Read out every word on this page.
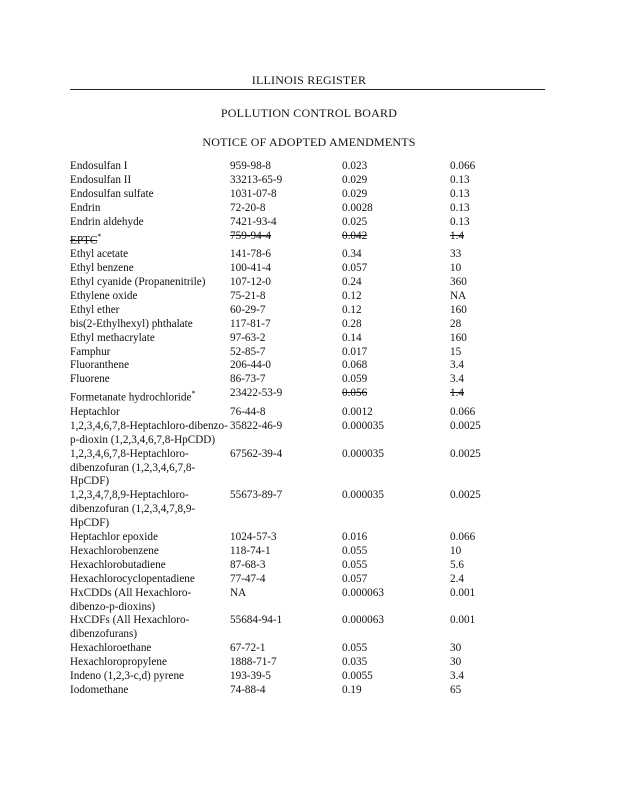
ILLINOIS REGISTER
POLLUTION CONTROL BOARD
NOTICE OF ADOPTED AMENDMENTS
Endosulfan I	959-98-8	0.023	0.066
Endosulfan II	33213-65-9	0.029	0.13
Endosulfan sulfate	1031-07-8	0.029	0.13
Endrin	72-20-8	0.0028	0.13
Endrin aldehyde	7421-93-4	0.025	0.13
EPTC*	759-94-4	0.042	1.4
Ethyl acetate	141-78-6	0.34	33
Ethyl benzene	100-41-4	0.057	10
Ethyl cyanide (Propanenitrile)	107-12-0	0.24	360
Ethylene oxide	75-21-8	0.12	NA
Ethyl ether	60-29-7	0.12	160
bis(2-Ethylhexyl) phthalate	117-81-7	0.28	28
Ethyl methacrylate	97-63-2	0.14	160
Famphur	52-85-7	0.017	15
Fluoranthene	206-44-0	0.068	3.4
Fluorene	86-73-7	0.059	3.4
Formetanate hydrochloride*	23422-53-9	0.056	1.4
Heptachlor	76-44-8	0.0012	0.066
1,2,3,4,6,7,8-Heptachloro-dibenzo-p-dioxin (1,2,3,4,6,7,8-HpCDD)	35822-46-9	0.000035	0.0025
1,2,3,4,6,7,8-Heptachloro-dibenzofuran (1,2,3,4,6,7,8-HpCDF)	67562-39-4	0.000035	0.0025
1,2,3,4,7,8,9-Heptachloro-dibenzofuran (1,2,3,4,7,8,9-HpCDF)	55673-89-7	0.000035	0.0025
Heptachlor epoxide	1024-57-3	0.016	0.066
Hexachlorobenzene	118-74-1	0.055	10
Hexachlorobutadiene	87-68-3	0.055	5.6
Hexachlorocyclopentadiene	77-47-4	0.057	2.4
HxCDDs (All Hexachloro-dibenzo-p-dioxins)	NA	0.000063	0.001
HxCDFs (All Hexachloro-dibenzofurans)	55684-94-1	0.000063	0.001
Hexachloroethane	67-72-1	0.055	30
Hexachloropropylene	1888-71-7	0.035	30
Indeno (1,2,3-c,d) pyrene	193-39-5	0.0055	3.4
Iodomethane	74-88-4	0.19	65
